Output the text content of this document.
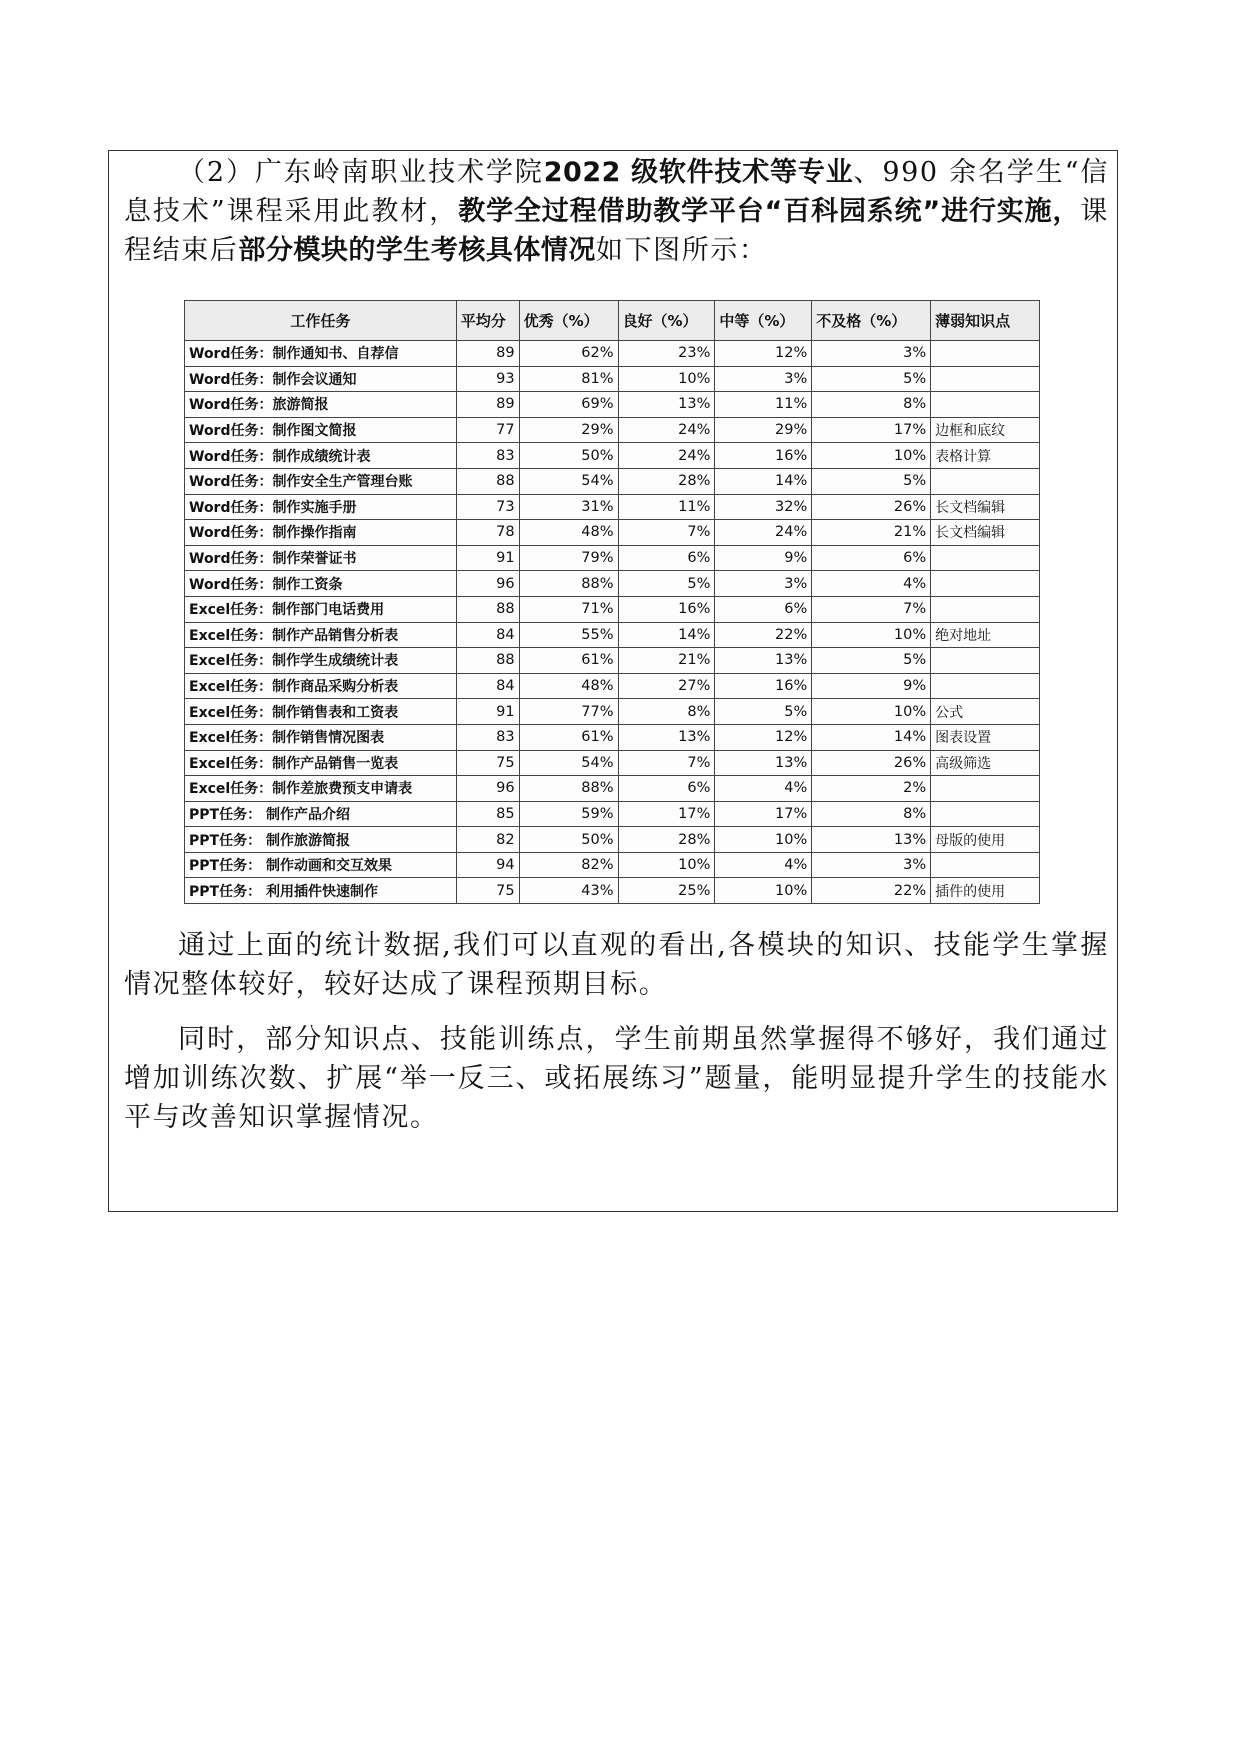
（2）广东岭南职业技术学院2022 级软件技术等专业、990 余名学生“信息技术”课程采用此教材，教学全过程借助教学平台“百科园系统”进行实施，课程结束后部分模块的学生考核具体情况如下图所示：

工作任务	平均分	优秀（%）	良好（%）	中等（%）	不及格（%）	薄弱知识点
Word任务：制作通知书、自荐信	89	62%	23%	12%	3%	
Word任务：制作会议通知	93	81%	10%	3%	5%	
Word任务：旅游简报	89	69%	13%	11%	8%	
Word任务：制作图文简报	77	29%	24%	29%	17%	边框和底纹
Word任务：制作成绩统计表	83	50%	24%	16%	10%	表格计算
Word任务：制作安全生产管理台账	88	54%	28%	14%	5%	
Word任务：制作实施手册	73	31%	11%	32%	26%	长文档编辑
Word任务：制作操作指南	78	48%	7%	24%	21%	长文档编辑
Word任务：制作荣誉证书	91	79%	6%	9%	6%	
Word任务：制作工资条	96	88%	5%	3%	4%	
Excel任务：制作部门电话费用	88	71%	16%	6%	7%	
Excel任务：制作产品销售分析表	84	55%	14%	22%	10%	绝对地址
Excel任务：制作学生成绩统计表	88	61%	21%	13%	5%	
Excel任务：制作商品采购分析表	84	48%	27%	16%	9%	
Excel任务：制作销售表和工资表	91	77%	8%	5%	10%	公式
Excel任务：制作销售情况图表	83	61%	13%	12%	14%	图表设置
Excel任务：制作产品销售一览表	75	54%	7%	13%	26%	高级筛选
Excel任务：制作差旅费预支申请表	96	88%	6%	4%	2%	
PPT任务： 制作产品介绍	85	59%	17%	17%	8%	
PPT任务： 制作旅游简报	82	50%	28%	10%	13%	母版的使用
PPT任务： 制作动画和交互效果	94	82%	10%	4%	3%	
PPT任务： 利用插件快速制作	75	43%	25%	10%	22%	插件的使用

通过上面的统计数据,我们可以直观的看出,各模块的知识、技能学生掌握情况整体较好，较好达成了课程预期目标。

同时，部分知识点、技能训练点，学生前期虽然掌握得不够好，我们通过增加训练次数、扩展“举一反三、或拓展练习”题量，能明显提升学生的技能水平与改善知识掌握情况。
